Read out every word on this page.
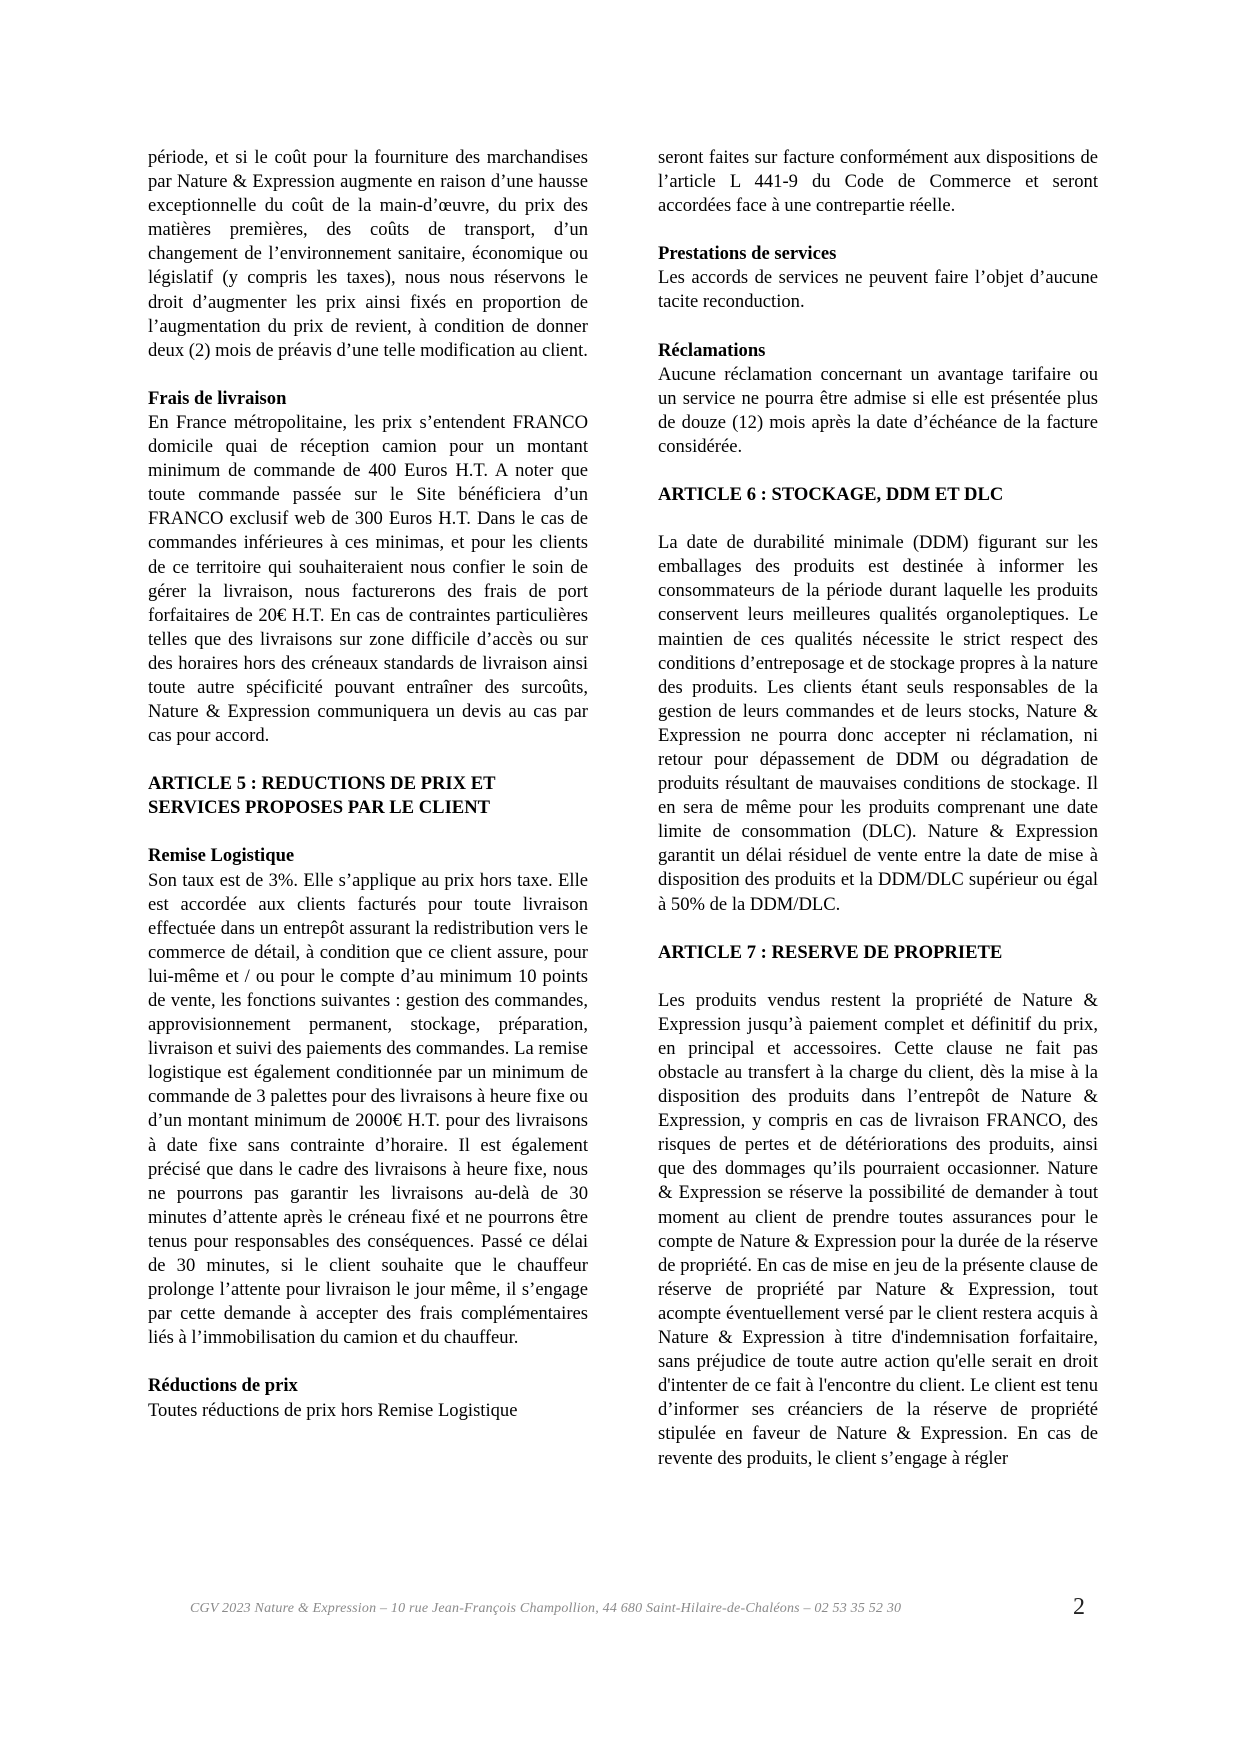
période, et si le coût pour la fourniture des marchandises par Nature & Expression augmente en raison d’une hausse exceptionnelle du coût de la main-d’œuvre, du prix des matières premières, des coûts de transport, d’un changement de l’environnement sanitaire, économique ou législatif (y compris les taxes), nous nous réservons le droit d’augmenter les prix ainsi fixés en proportion de l’augmentation du prix de revient, à condition de donner deux (2) mois de préavis d’une telle modification au client.

Frais de livraison

En France métropolitaine, les prix s’entendent FRANCO domicile quai de réception camion pour un montant minimum de commande de 400 Euros H.T. A noter que toute commande passée sur le Site bénéficiera d’un FRANCO exclusif web de 300 Euros H.T. Dans le cas de commandes inférieures à ces minimas, et pour les clients de ce territoire qui souhaiteraient nous confier le soin de gérer la livraison, nous facturerons des frais de port forfaitaires de 20€ H.T. En cas de contraintes particulières telles que des livraisons sur zone difficile d’accès ou sur des horaires hors des créneaux standards de livraison ainsi toute autre spécificité pouvant entraîner des surcoûts, Nature & Expression communiquera un devis au cas par cas pour accord.

ARTICLE 5 : REDUCTIONS DE PRIX ET SERVICES PROPOSES PAR LE CLIENT
Remise Logistique

Son taux est de 3%. Elle s’applique au prix hors taxe. Elle est accordée aux clients facturés pour toute livraison effectuée dans un entrepôt assurant la redistribution vers le commerce de détail, à condition que ce client assure, pour lui-même et / ou pour le compte d’au minimum 10 points de vente, les fonctions suivantes : gestion des commandes, approvisionnement permanent, stockage, préparation, livraison et suivi des paiements des commandes. La remise logistique est également conditionnée par un minimum de commande de 3 palettes pour des livraisons à heure fixe ou d’un montant minimum de 2000€ H.T. pour des livraisons à date fixe sans contrainte d’horaire. Il est également précisé que dans le cadre des livraisons à heure fixe, nous ne pourrons pas garantir les livraisons au-delà de 30 minutes d’attente après le créneau fixé et ne pourrons être tenus pour responsables des conséquences. Passé ce délai de 30 minutes, si le client souhaite que le chauffeur prolonge l’attente pour livraison le jour même, il s’engage par cette demande à accepter des frais complémentaires liés à l’immobilisation du camion et du chauffeur.

Réductions de prix

Toutes réductions de prix hors Remise Logistique

seront faites sur facture conformément aux dispositions de l’article L 441-9 du Code de Commerce et seront accordées face à une contrepartie réelle.

Prestations de services

Les accords de services ne peuvent faire l’objet d’aucune tacite reconduction.

Réclamations

Aucune réclamation concernant un avantage tarifaire ou un service ne pourra être admise si elle est présentée plus de douze (12) mois après la date d’échéance de la facture considérée.

ARTICLE 6 : STOCKAGE, DDM ET DLC

La date de durabilité minimale (DDM) figurant sur les emballages des produits est destinée à informer les consommateurs de la période durant laquelle les produits conservent leurs meilleures qualités organoleptiques. Le maintien de ces qualités nécessite le strict respect des conditions d’entreposage et de stockage propres à la nature des produits. Les clients étant seuls responsables de la gestion de leurs commandes et de leurs stocks, Nature & Expression ne pourra donc accepter ni réclamation, ni retour pour dépassement de DDM ou dégradation de produits résultant de mauvaises conditions de stockage. Il en sera de même pour les produits comprenant une date limite de consommation (DLC). Nature & Expression garantit un délai résiduel de vente entre la date de mise à disposition des produits et la DDM/DLC supérieur ou égal à 50% de la DDM/DLC.

ARTICLE 7 : RESERVE DE PROPRIETE

Les produits vendus restent la propriété de Nature & Expression jusqu’à paiement complet et définitif du prix, en principal et accessoires. Cette clause ne fait pas obstacle au transfert à la charge du client, dès la mise à la disposition des produits dans l’entrepôt de Nature & Expression, y compris en cas de livraison FRANCO, des risques de pertes et de détériorations des produits, ainsi que des dommages qu’ils pourraient occasionner. Nature & Expression se réserve la possibilité de demander à tout moment au client de prendre toutes assurances pour le compte de Nature & Expression pour la durée de la réserve de propriété. En cas de mise en jeu de la présente clause de réserve de propriété par Nature & Expression, tout acompte éventuellement versé par le client restera acquis à Nature & Expression à titre d'indemnisation forfaitaire, sans préjudice de toute autre action qu'elle serait en droit d'intenter de ce fait à l'encontre du client. Le client est tenu d’informer ses créanciers de la réserve de propriété stipulée en faveur de Nature & Expression. En cas de revente des produits, le client s’engage à régler

CGV 2023 Nature & Expression – 10 rue Jean-François Champollion, 44 680 Saint-Hilaire-de-Chaléons – 02 53 35 52 30	2
